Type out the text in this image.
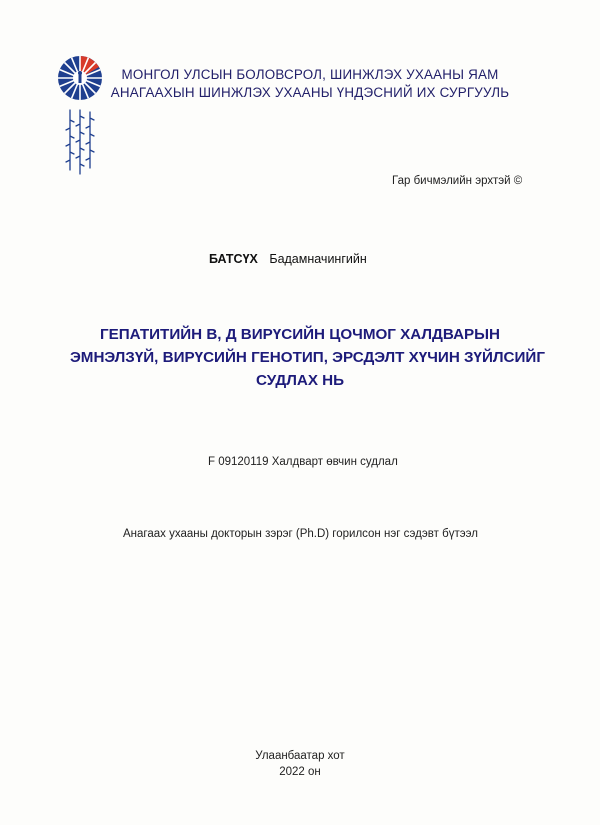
МОНГОЛ УЛСЫН БОЛОВСРОЛ, ШИНЖЛЭХ УХААНЫ ЯАМ
АНАГААХЫН ШИНЖЛЭХ УХААНЫ ҮНДЭСНИЙ ИХ СУРГУУЛЬ
Гар бичмэлийн эрхтэй ©
БАТСҮХ Бадамначингийн
ГЕПАТИТИЙН В, Д ВИРҮСИЙН ЦОЧМОГ ХАЛДВАРЫН
ЭМНЭЛЗҮЙ, ВИРҮСИЙН ГЕНОТИП, ЭРСДЭЛТ ХҮЧИН ЗҮЙЛСИЙГ
СУДЛАХ НЬ
F 09120119 Халдварт өвчин судлал
Анагаах ухааны докторын зэрэг (Ph.D) горилсон нэг сэдэвт бүтээл
Улаанбаатар хот
2022 он
